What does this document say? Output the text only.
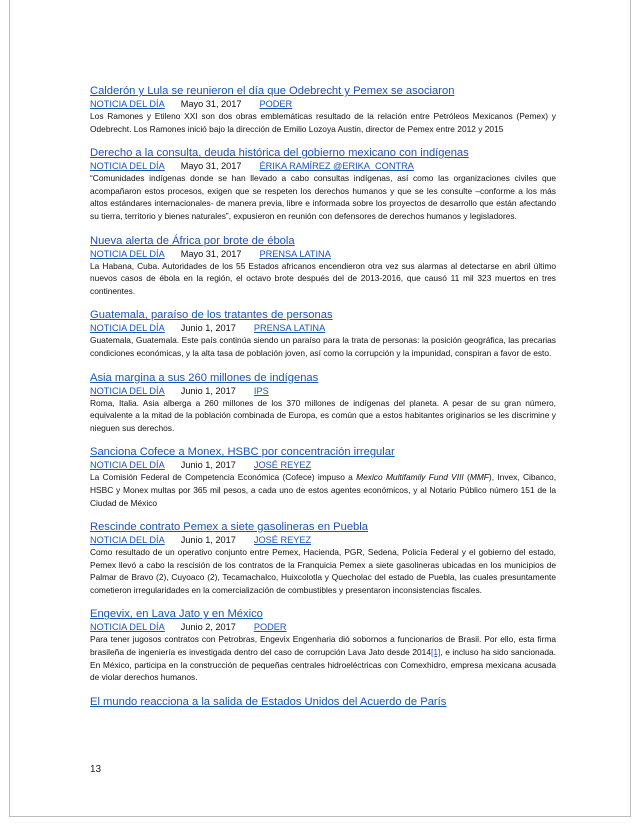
Calderón y Lula se reunieron el día que Odebrecht y Pemex se asociaron
NOTICIA DEL DÍA Mayo 31, 2017 PODER
Los Ramones y Etileno XXI son dos obras emblemáticas resultado de la relación entre Petróleos Mexicanos (Pemex) y Odebrecht. Los Ramones inició bajo la dirección de Emilio Lozoya Austin, director de Pemex entre 2012 y 2015
Derecho a la consulta, deuda histórica del gobierno mexicano con indígenas
NOTICIA DEL DÍA Mayo 31, 2017 ÉRIKA RAMÍREZ @ERIKA_CONTRA
“Comunidades indígenas donde se han llevado a cabo consultas indígenas, así como las organizaciones civiles que acompañaron estos procesos, exigen que se respeten los derechos humanos y que se les consulte –conforme a los más altos estándares internacionales- de manera previa, libre e informada sobre los proyectos de desarrollo que están afectando su tierra, territorio y bienes naturales”, expusieron en reunión con defensores de derechos humanos y legisladores.
Nueva alerta de África por brote de ébola
NOTICIA DEL DÍA Mayo 31, 2017 PRENSA LATINA
La Habana, Cuba. Autoridades de los 55 Estados africanos encendieron otra vez sus alarmas al detectarse en abril último nuevos casos de ébola en la región, el octavo brote después del de 2013-2016, que causó 11 mil 323 muertos en tres continentes.
Guatemala, paraíso de los tratantes de personas
NOTICIA DEL DÍA Junio 1, 2017 PRENSA LATINA
Guatemala, Guatemala. Este país continúa siendo un paraíso para la trata de personas: la posición geográfica, las precarias condiciones económicas, y la alta tasa de población joven, así como la corrupción y la impunidad, conspiran a favor de esto.
Asia margina a sus 260 millones de indígenas
NOTICIA DEL DÍA Junio 1, 2017 IPS
Roma, Italia. Asia alberga a 260 millones de los 370 millones de indígenas del planeta. A pesar de su gran número, equivalente a la mitad de la población combinada de Europa, es común que a estos habitantes originarios se les discrimine y nieguen sus derechos.
Sanciona Cofece a Monex, HSBC por concentración irregular
NOTICIA DEL DÍA Junio 1, 2017 JOSÉ REYEZ
La Comisión Federal de Competencia Económica (Cofece) impuso a Mexico Multifamily Fund VIII (MMF), Invex, Cibanco, HSBC y Monex multas por 365 mil pesos, a cada uno de estos agentes económicos, y al Notario Público número 151 de la Ciudad de México
Rescinde contrato Pemex a siete gasolineras en Puebla
NOTICIA DEL DÍA Junio 1, 2017 JOSÉ REYEZ
Como resultado de un operativo conjunto entre Pemex, Hacienda, PGR, Sedena, Policía Federal y el gobierno del estado, Pemex llevó a cabo la rescisión de los contratos de la Franquicia Pemex a siete gasolineras ubicadas en los municipios de Palmar de Bravo (2), Cuyoaco (2), Tecamachalco, Huixcolotla y Quecholac del estado de Puebla, las cuales presuntamente cometieron irregularidades en la comercialización de combustibles y presentaron inconsistencias fiscales.
Engevix, en Lava Jato y en México
NOTICIA DEL DÍA Junio 2, 2017 PODER
Para tener jugosos contratos con Petrobras, Engevix Engenharia dió sobornos a funcionarios de Brasil. Por ello, esta firma brasileña de ingeniería es investigada dentro del caso de corrupción Lava Jato desde 2014[1], e incluso ha sido sancionada. En México, participa en la construcción de pequeñas centrales hidroeléctricas con Comexhidro, empresa mexicana acusada de violar derechos humanos.
El mundo reacciona a la salida de Estados Unidos del Acuerdo de París
13
